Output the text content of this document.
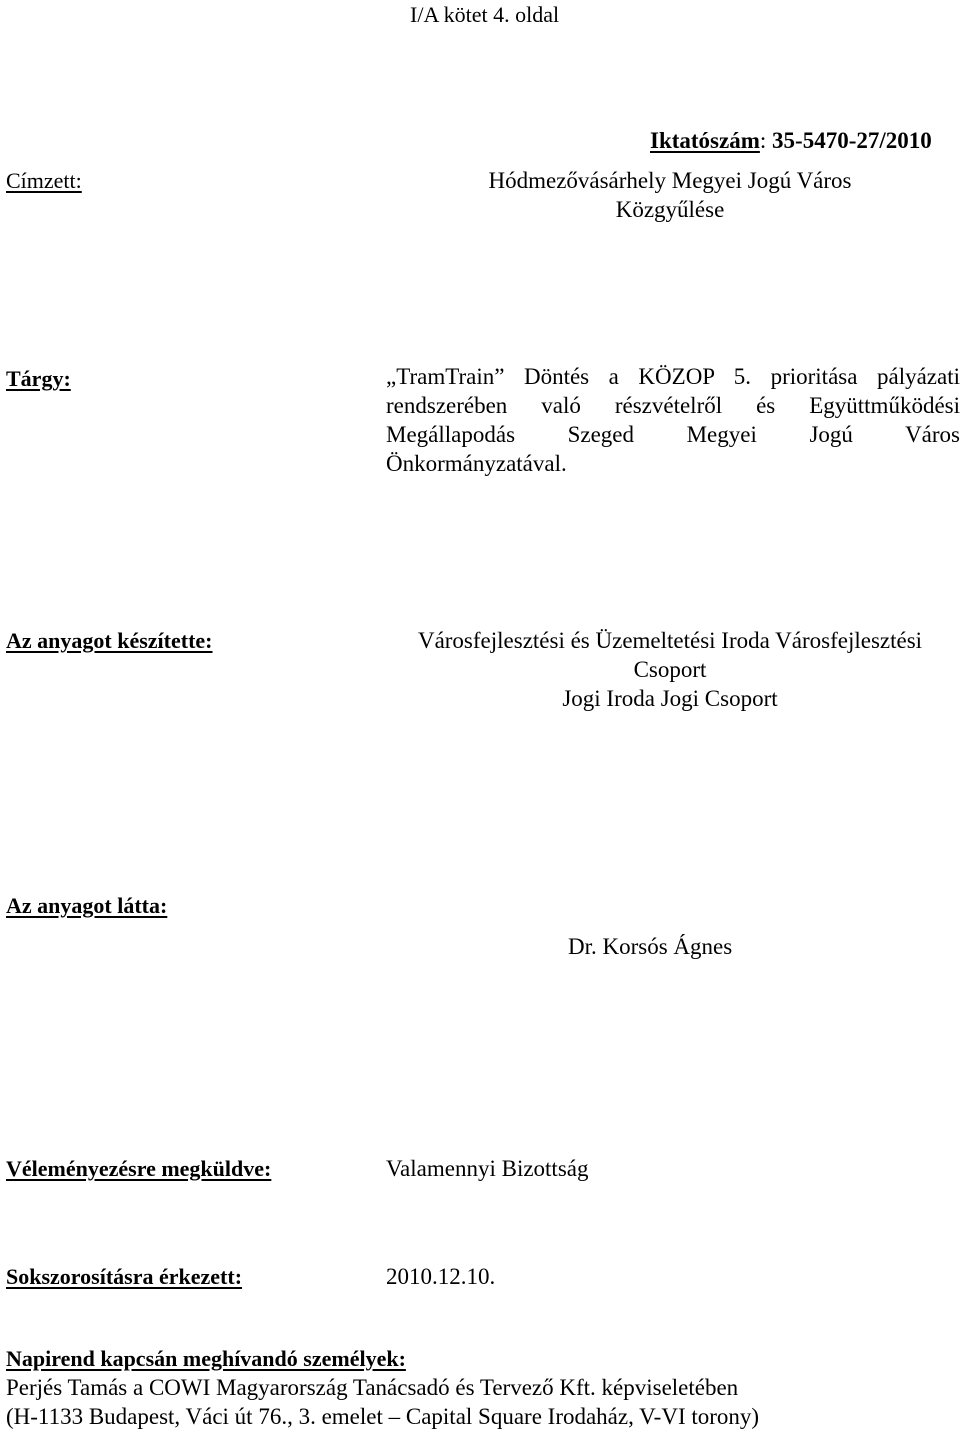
I/A kötet 4. oldal
Iktatószám: 35-5470-27/2010
Címzett:	Hódmezővásárhely Megyei Jogú Város
Közgyűlése
Tárgy:	„TramTrain” Döntés a KÖZOP 5. prioritása pályázati
rendszerében való részvételről és Együttműködési
Megállapodás Szeged Megyei Jogú Város
Önkormányzatával.
Az anyagot készítette:	Városfejlesztési és Üzemeltetési Iroda Városfejlesztési
Csoport
Jogi Iroda Jogi Csoport
Az anyagot látta:
Dr. Korsós Ágnes
Véleményezésre megküldve:	Valamennyi Bizottság
Sokszorosításra érkezett:	2010.12.10.
Napirend kapcsán meghívandó személyek:
Perjés Tamás a COWI Magyarország Tanácsadó és Tervező Kft. képviseletében
(H-1133 Budapest, Váci út 76., 3. emelet – Capital Square Irodaház, V-VI torony)
